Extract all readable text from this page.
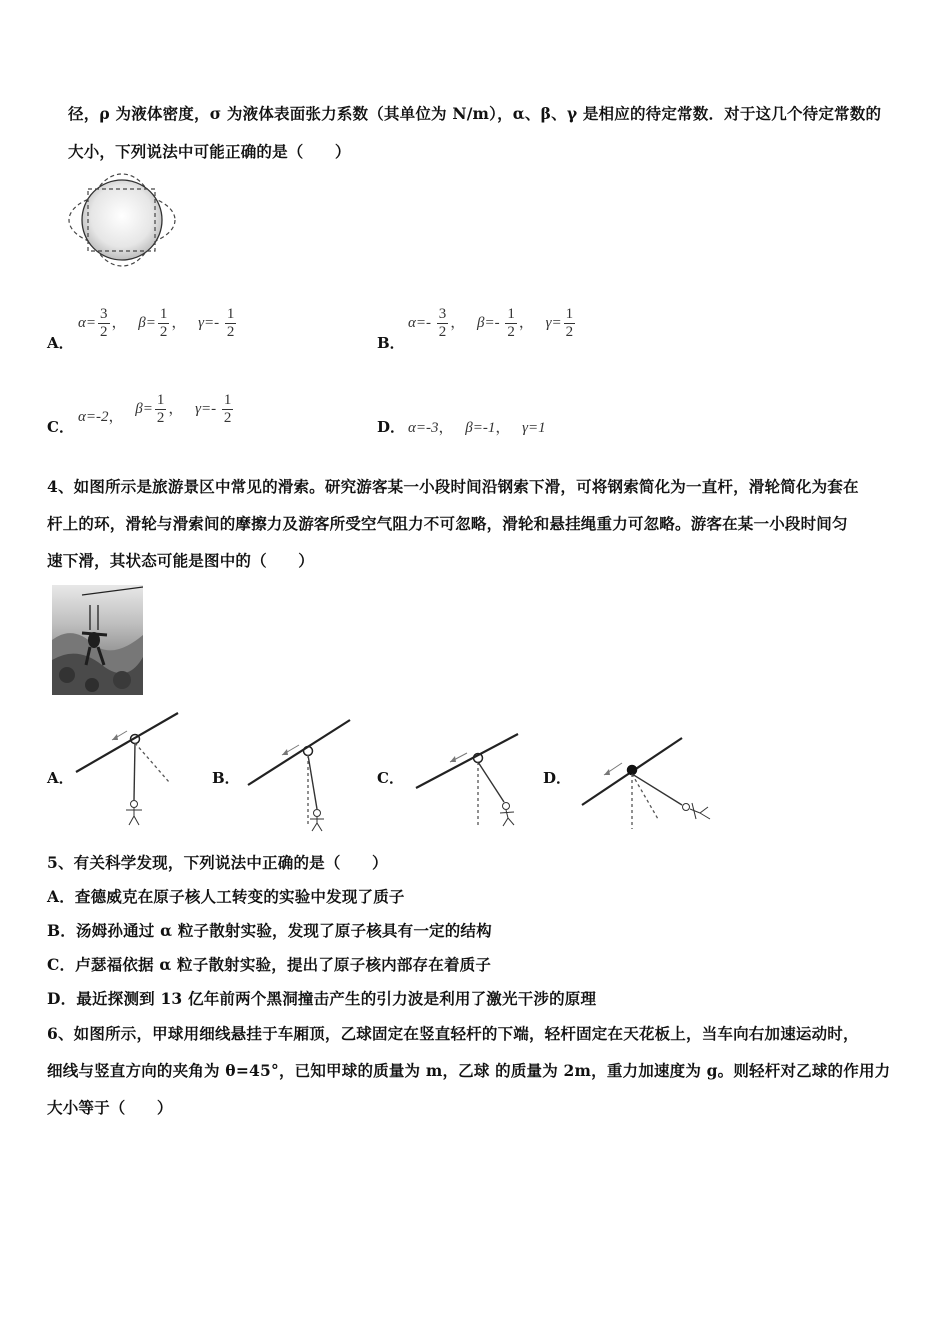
径，ρ 为液体密度，σ 为液体表面张力系数（其单位为 N/m），α、β、γ 是相应的待定常数．对于这几个待定常数的
大小，下列说法中可能正确的是（　　）
A．
$\alpha= \frac{3}{2}$ ， $\beta= \frac{1}{2}$ ， $\gamma=- \frac{1}{2}$
B．
$\alpha=- \frac{3}{2}$ ， $\beta=- \frac{1}{2}$ ， $\gamma= \frac{1}{2}$
C．
α=-2， $\beta= \frac{1}{2}$ ， $\gamma=- \frac{1}{2}$	D． α=-3， β=-1， γ=1
4、如图所示是旅游景区中常见的滑索。研究游客某一小段时间沿钢索下滑，可将钢索简化为一直杆，滑轮简化为套在
杆上的环，滑轮与滑索间的摩擦力及游客所受空气阻力不可忽略，滑轮和悬挂绳重力可忽略。游客在某一小段时间匀
速下滑，其状态可能是图中的（　　）
A．	B．	C．	D．
5、有关科学发现，下列说法中正确的是（　　）
A．查德威克在原子核人工转变的实验中发现了质子
B．汤姆孙通过 α 粒子散射实验，发现了原子核具有一定的结构
C．卢瑟福依据 α 粒子散射实验，提出了原子核内部存在着质子
D．最近探测到 13 亿年前两个黑洞撞击产生的引力波是利用了激光干涉的原理
6、如图所示，甲球用细线悬挂于车厢顶，乙球固定在竖直轻杆的下端，轻杆固定在天花板上，当车向右加速运动时，
细线与竖直方向的夹角为 θ=45°，已知甲球的质量为 m，乙球 的质量为 2m，重力加速度为 g。则轻杆对乙球的作用力
大小等于（　　）
